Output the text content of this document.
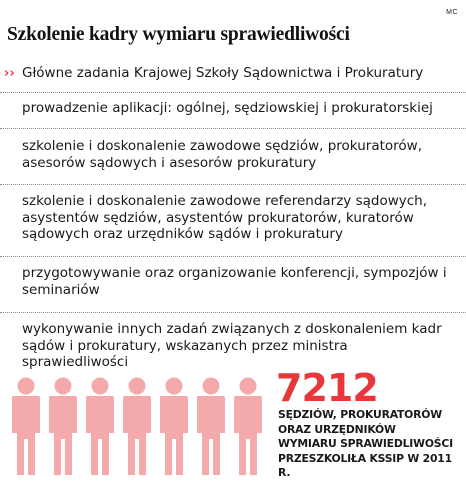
MC
Szkolenie kadry wymiaru sprawiedliwości
›› Główne zadania Krajowej Szkoły Sądownictwa i Prokuratury
prowadzenie aplikacji: ogólnej, sędziowskiej i prokuratorskiej
szkolenie i doskonalenie zawodowe sędziów, prokuratorów, asesorów sądowych i asesorów prokuratury
szkolenie i doskonalenie zawodowe referendarzy sądowych, asystentów sędziów, asystentów prokuratorów, kuratorów sądowych oraz urzędników sądów i prokuratury
przygotowywanie oraz organizowanie konferencji, sympozjów i seminariów
wykonywanie innych zadań związanych z doskonaleniem kadr sądów i prokuratury, wskazanych przez ministra sprawiedliwości
7212
SĘDZIÓW, PROKURATORÓW
ORAZ URZĘDNIKÓW
WYMIARU SPRAWIEDLIWOŚCI
PRZESZKOLIŁA KSSIP W 2011 R.
